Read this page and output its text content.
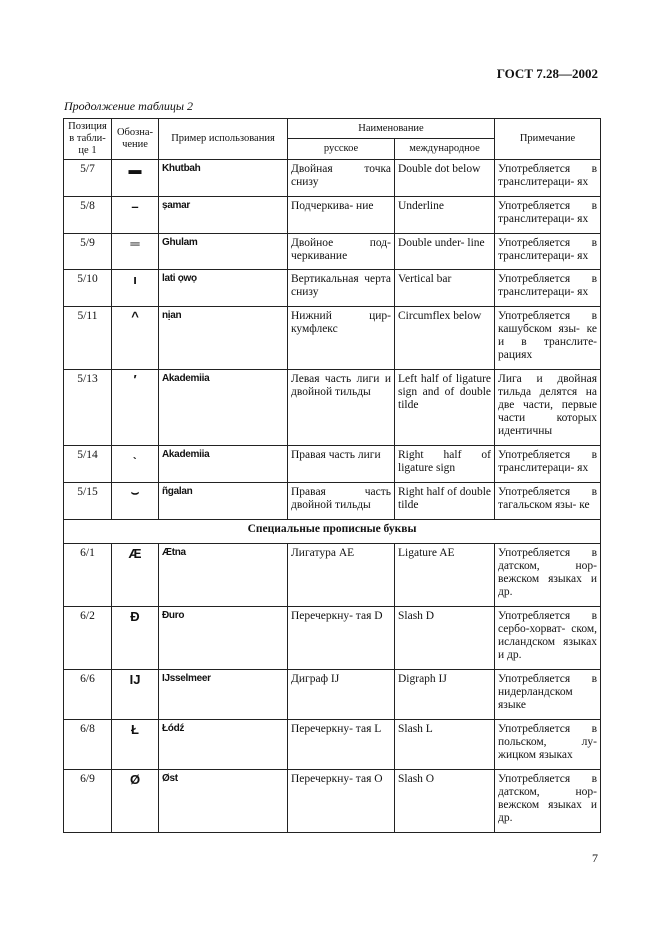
ГОСТ 7.28—2002
Продолжение таблицы 2
Позиция в табли- це 1	Обозна- чение	Пример использования	Наименование		Примечание
			русское	международное	
5/7	▬	Khutbah	Двойная точка снизу	Double dot below	Употребляется в транслитераци- ях
5/8	–	ṣamar	Подчеркива- ние	Underline	Употребляется в транслитераци- ях
5/9	═	Ghulam	Двойное под- черкивание	Double under- line	Употребляется в транслитераци- ях
5/10	ı	lati ọwọ	Вертикальная черта снизу	Vertical bar	Употребляется в транслитераци- ях
5/11	^	nịan	Нижний цир- кумфлекс	Circumflex below	Употребляется в кашубском язы- ке и в транслите- рациях
5/13	′	Akademiia	Левая часть лиги и двойной тильды	Left half of ligature sign and of double tilde	Лига и двойная тильда делятся на две части, первые части которых идентичны
5/14	˴	Akademiia	Правая часть лиги	Right half of ligature sign	Употребляется в транслитераци- ях
5/15	⌣	ñgalan	Правая часть двойной тильды	Right half of double tilde	Употребляется в тагальском язы- ке
Специальные прописные буквы					
6/1	Æ	Ætna	Лигатура АЕ	Ligature AE	Употребляется в датском, нор- вежском языках и др.
6/2	Đ	Đuro	Перечеркну- тая D	Slash D	Употребляется в сербо-хорват- ском, исландском языках и др.
6/6	IJ	IJsselmeer	Диграф IJ	Digraph IJ	Употребляется в нидерландском языке
6/8	Ł	Łódź	Перечеркну- тая L	Slash L	Употребляется в польском, лу- жицком языках
6/9	Ø	Øst	Перечеркну- тая О	Slash O	Употребляется в датском, нор- вежском языках и др.
7
